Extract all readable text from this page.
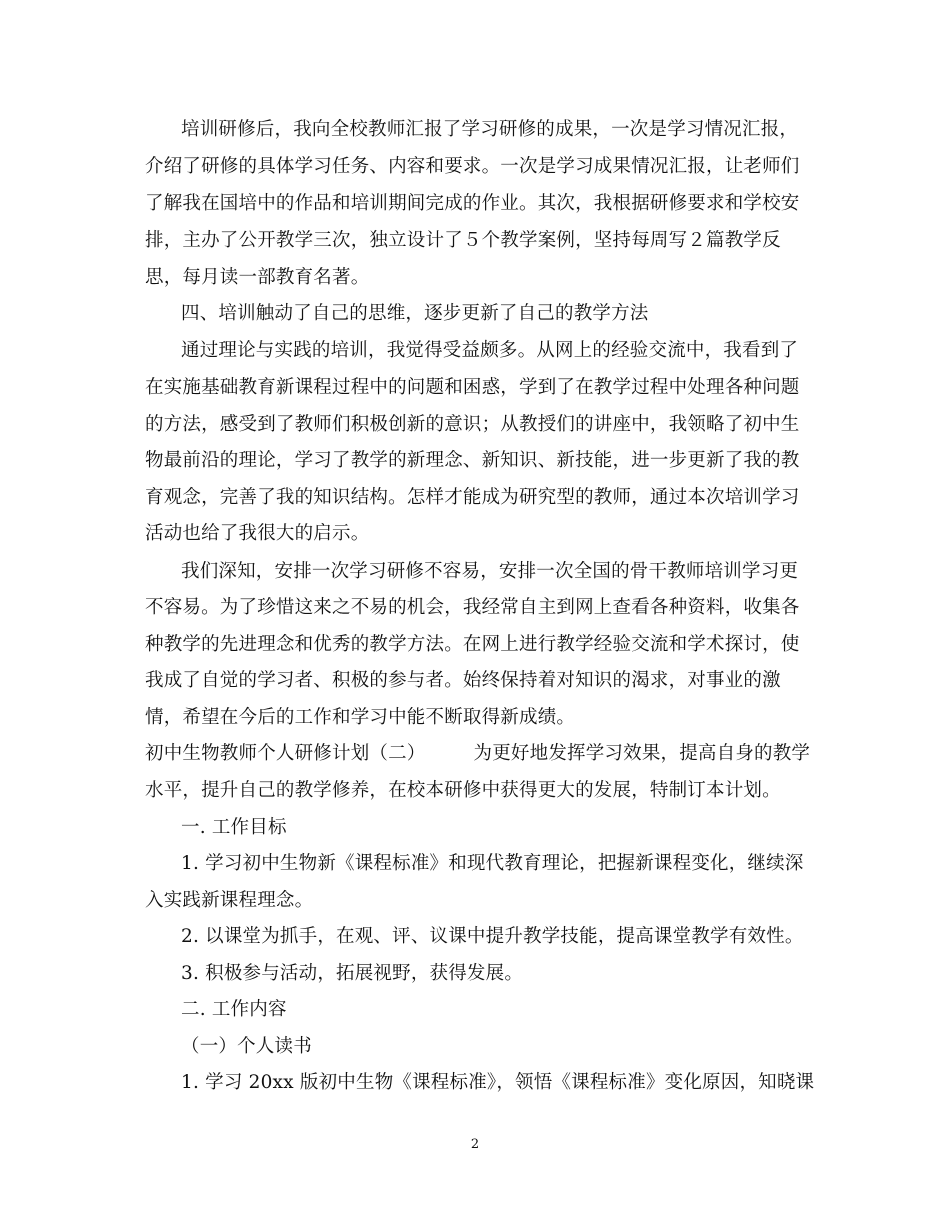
培训研修后，我向全校教师汇报了学习研修的成果，一次是学习情况汇报，
介绍了研修的具体学习任务、内容和要求。一次是学习成果情况汇报，让老师们
了解我在国培中的作品和培训期间完成的作业。其次，我根据研修要求和学校安
排，主办了公开教学三次，独立设计了５个教学案例，坚持每周写２篇教学反
思，每月读一部教育名著。
四、培训触动了自己的思维，逐步更新了自己的教学方法
通过理论与实践的培训，我觉得受益颇多。从网上的经验交流中，我看到了
在实施基础教育新课程过程中的问题和困惑，学到了在教学过程中处理各种问题
的方法，感受到了教师们积极创新的意识；从教授们的讲座中，我领略了初中生
物最前沿的理论，学习了教学的新理念、新知识、新技能，进一步更新了我的教
育观念，完善了我的知识结构。怎样才能成为研究型的教师，通过本次培训学习
活动也给了我很大的启示。
我们深知，安排一次学习研修不容易，安排一次全国的骨干教师培训学习更
不容易。为了珍惜这来之不易的机会，我经常自主到网上查看各种资料，收集各
种教学的先进理念和优秀的教学方法。在网上进行教学经验交流和学术探讨，使
我成了自觉的学习者、积极的参与者。始终保持着对知识的渴求，对事业的激
情，希望在今后的工作和学习中能不断取得新成绩。
初中生物教师个人研修计划（二）	为更好地发挥学习效果，提高自身的教学
水平，提升自己的教学修养，在校本研修中获得更大的发展，特制订本计划。
一. 工作目标
1. 学习初中生物新《课程标准》和现代教育理论，把握新课程变化，继续深
入实践新课程理念。
2. 以课堂为抓手，在观、评、议课中提升教学技能，提高课堂教学有效性。
3. 积极参与活动，拓展视野，获得发展。
二. 工作内容
（一）个人读书
1. 学习 20xx 版初中生物《课程标准》，领悟《课程标准》变化原因，知晓课
2
